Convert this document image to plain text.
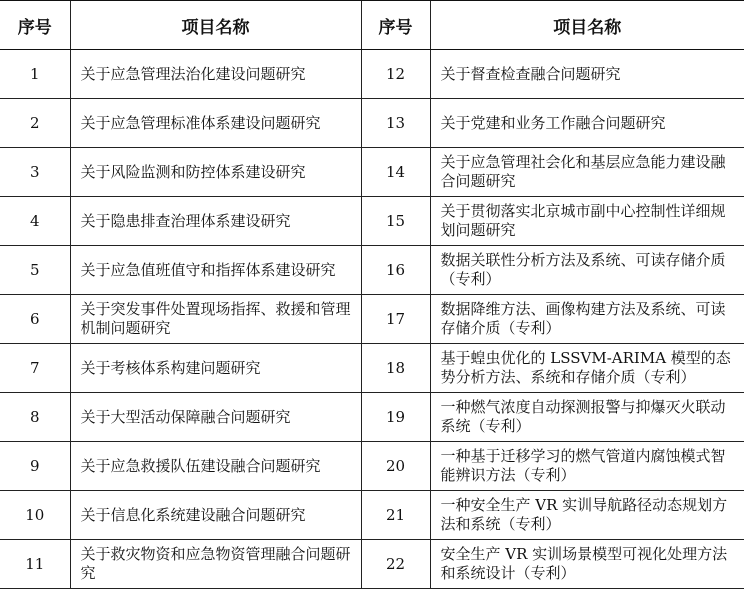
序号	项目名称	序号	项目名称
1	关于应急管理法治化建设问题研究	12	关于督查检查融合问题研究
2	关于应急管理标准体系建设问题研究	13	关于党建和业务工作融合问题研究
3	关于风险监测和防控体系建设研究	14	关于应急管理社会化和基层应急能力建设融合问题研究
4	关于隐患排查治理体系建设研究	15	关于贯彻落实北京城市副中心控制性详细规划问题研究
5	关于应急值班值守和指挥体系建设研究	16	数据关联性分析方法及系统、可读存储介质（专利）
6	关于突发事件处置现场指挥、救援和管理机制问题研究	17	数据降维方法、画像构建方法及系统、可读存储介质（专利）
7	关于考核体系构建问题研究	18	基于蝗虫优化的 LSSVM-ARIMA 模型的态势分析方法、系统和存储介质（专利）
8	关于大型活动保障融合问题研究	19	一种燃气浓度自动探测报警与抑爆灭火联动系统（专利）
9	关于应急救援队伍建设融合问题研究	20	一种基于迁移学习的燃气管道内腐蚀模式智能辨识方法（专利）
10	关于信息化系统建设融合问题研究	21	一种安全生产 VR 实训导航路径动态规划方法和系统（专利）
11	关于救灾物资和应急物资管理融合问题研究	22	安全生产 VR 实训场景模型可视化处理方法和系统设计（专利）
